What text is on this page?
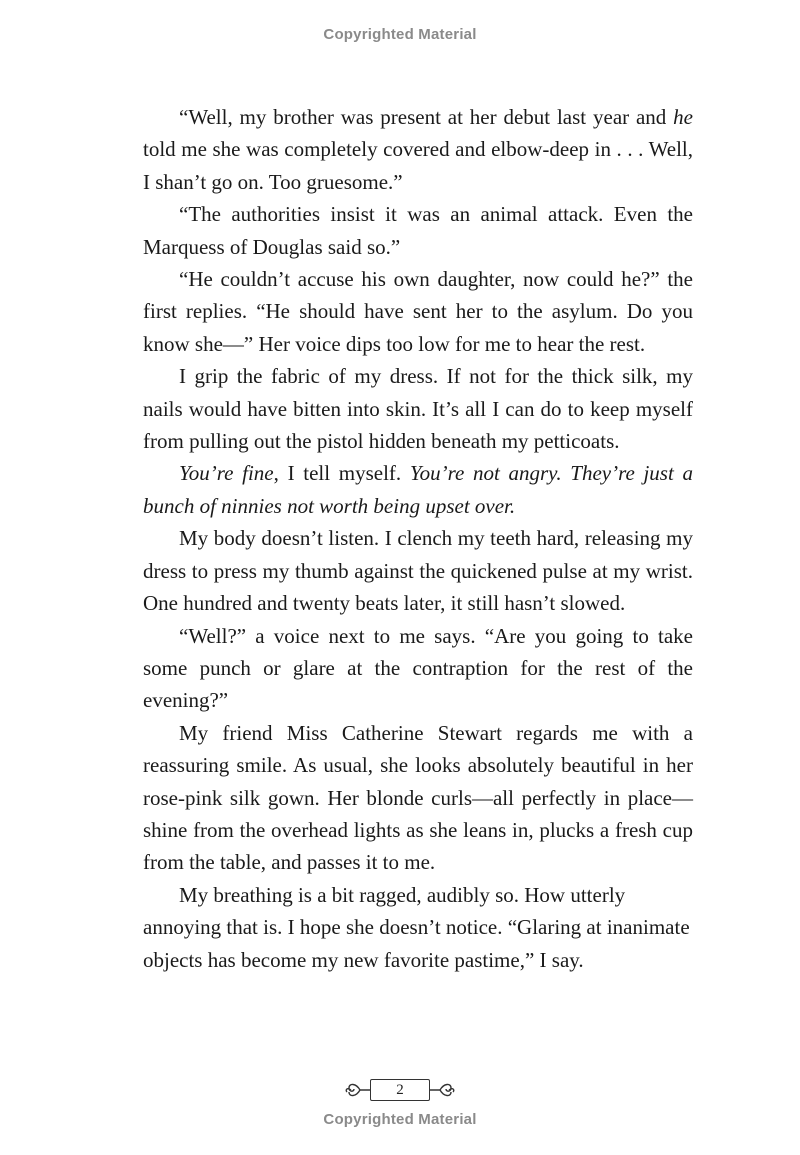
Copyrighted Material

“Well, my brother was present at her debut last year and he told me she was completely covered and elbow-deep in . . . Well, I shan’t go on. Too gruesome.”

“The authorities insist it was an animal attack. Even the Marquess of Douglas said so.”

“He couldn’t accuse his own daughter, now could he?” the first replies. “He should have sent her to the asylum. Do you know she—” Her voice dips too low for me to hear the rest.

I grip the fabric of my dress. If not for the thick silk, my nails would have bitten into skin. It’s all I can do to keep myself from pulling out the pistol hidden beneath my petticoats.

You’re fine, I tell myself. You’re not angry. They’re just a bunch of ninnies not worth being upset over.

My body doesn’t listen. I clench my teeth hard, releasing my dress to press my thumb against the quickened pulse at my wrist. One hundred and twenty beats later, it still hasn’t slowed.

“Well?” a voice next to me says. “Are you going to take some punch or glare at the contraption for the rest of the evening?”

My friend Miss Catherine Stewart regards me with a reassuring smile. As usual, she looks absolutely beautiful in her rose-pink silk gown. Her blonde curls—all perfectly in place—shine from the overhead lights as she leans in, plucks a fresh cup from the table, and passes it to me.

My breathing is a bit ragged, audibly so. How utterly annoying that is. I hope she doesn’t notice. “Glaring at inanimate objects has become my new favorite pastime,” I say.

2
Copyrighted Material
